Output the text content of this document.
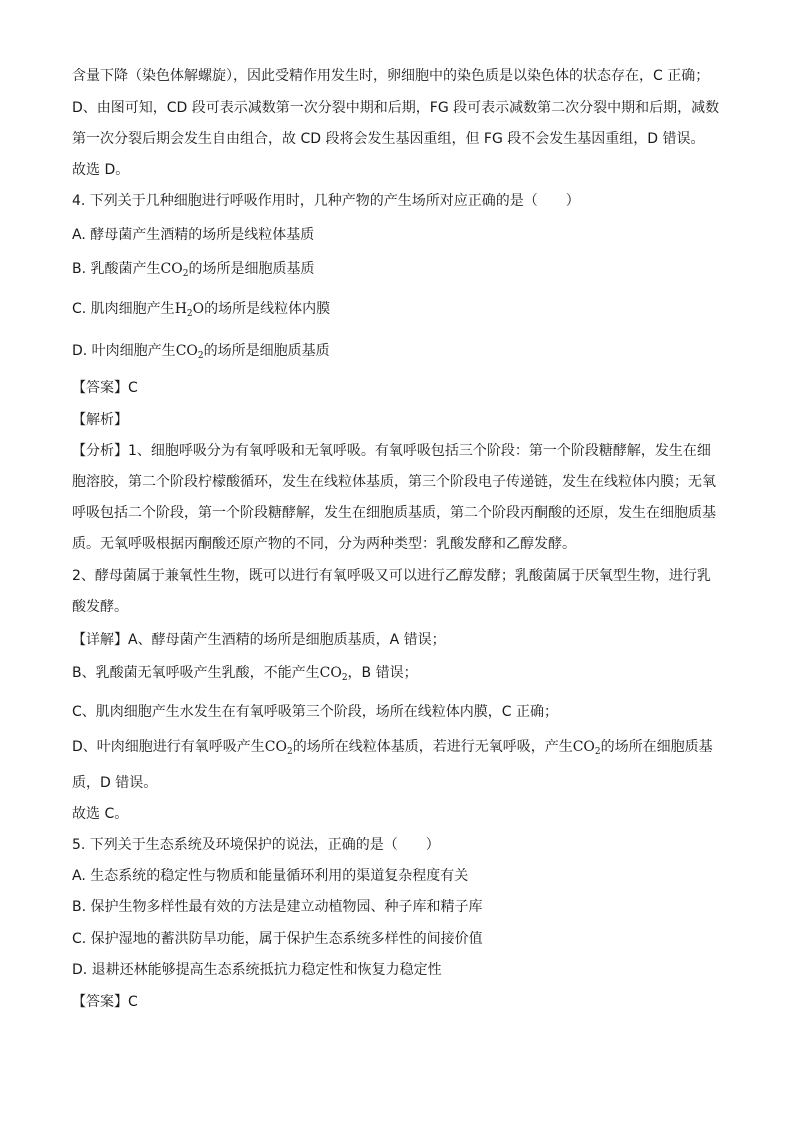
含量下降（染色体解螺旋），因此受精作用发生时，卵细胞中的染色质是以染色体的状态存在，C 正确；
D、由图可知，CD 段可表示减数第一次分裂中期和后期，FG 段可表示减数第二次分裂中期和后期，减数
第一次分裂后期会发生自由组合，故 CD 段将会发生基因重组，但 FG 段不会发生基因重组，D 错误。
故选 D。
4. 下列关于几种细胞进行呼吸作用时，几种产物的产生场所对应正确的是（　　）
A. 酵母菌产生酒精的场所是线粒体基质
B. 乳酸菌产生$CO_2$的场所是细胞质基质
C. 肌肉细胞产生$H_2O$的场所是线粒体内膜
D. 叶肉细胞产生$CO_2$的场所是细胞质基质
【答案】C
【解析】
【分析】1、细胞呼吸分为有氧呼吸和无氧呼吸。有氧呼吸包括三个阶段：第一个阶段糖酵解，发生在细
胞溶胶，第二个阶段柠檬酸循环，发生在线粒体基质，第三个阶段电子传递链，发生在线粒体内膜；无氧
呼吸包括二个阶段，第一个阶段糖酵解，发生在细胞质基质，第二个阶段丙酮酸的还原，发生在细胞质基
质。无氧呼吸根据丙酮酸还原产物的不同，分为两种类型：乳酸发酵和乙醇发酵。
2、酵母菌属于兼氧性生物，既可以进行有氧呼吸又可以进行乙醇发酵；乳酸菌属于厌氧型生物，进行乳
酸发酵。
【详解】A、酵母菌产生酒精的场所是细胞质基质，A 错误；
B、乳酸菌无氧呼吸产生乳酸，不能产生$CO_2$，B 错误；
C、肌肉细胞产生水发生在有氧呼吸第三个阶段，场所在线粒体内膜，C 正确；
D、叶肉细胞进行有氧呼吸产生$CO_2$的场所在线粒体基质，若进行无氧呼吸，产生$CO_2$的场所在细胞质基
质，D 错误。
故选 C。
5. 下列关于生态系统及环境保护的说法，正确的是（　　）
A. 生态系统的稳定性与物质和能量循环利用的渠道复杂程度有关
B. 保护生物多样性最有效的方法是建立动植物园、种子库和精子库
C. 保护湿地的蓄洪防旱功能，属于保护生态系统多样性的间接价值
D. 退耕还林能够提高生态系统抵抗力稳定性和恢复力稳定性
【答案】C
